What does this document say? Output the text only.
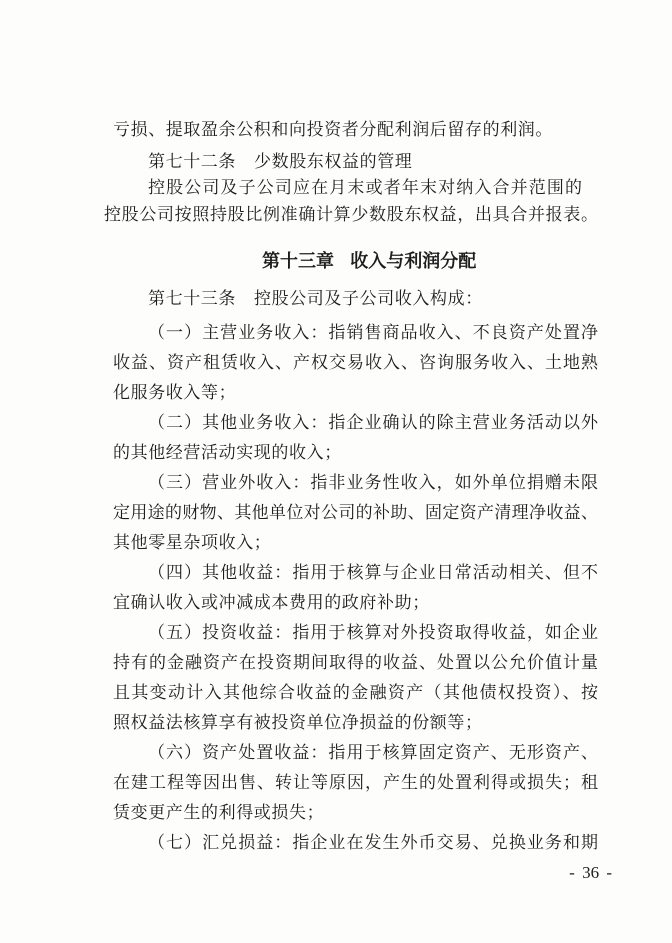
亏损、提取盈余公积和向投资者分配利润后留存的利润。
第七十二条 少数股东权益的管理
控股公司及子公司应在月末或者年末对纳入合并范围的
控股公司按照持股比例准确计算少数股东权益，出具合并报表。
第十三章 收入与利润分配
第七十三条 控股公司及子公司收入构成：
（一）主营业务收入：指销售商品收入、不良资产处置净
收益、资产租赁收入、产权交易收入、咨询服务收入、土地熟
化服务收入等；
（二）其他业务收入：指企业确认的除主营业务活动以外
的其他经营活动实现的收入；
（三）营业外收入：指非业务性收入，如外单位捐赠未限
定用途的财物、其他单位对公司的补助、固定资产清理净收益、
其他零星杂项收入；
（四）其他收益：指用于核算与企业日常活动相关、但不
宜确认收入或冲减成本费用的政府补助；
（五）投资收益：指用于核算对外投资取得收益，如企业
持有的金融资产在投资期间取得的收益、处置以公允价值计量
且其变动计入其他综合收益的金融资产（其他债权投资）、按
照权益法核算享有被投资单位净损益的份额等；
（六）资产处置收益：指用于核算固定资产、无形资产、
在建工程等因出售、转让等原因，产生的处置利得或损失；租
赁变更产生的利得或损失；
（七）汇兑损益：指企业在发生外币交易、兑换业务和期
- 36 -
